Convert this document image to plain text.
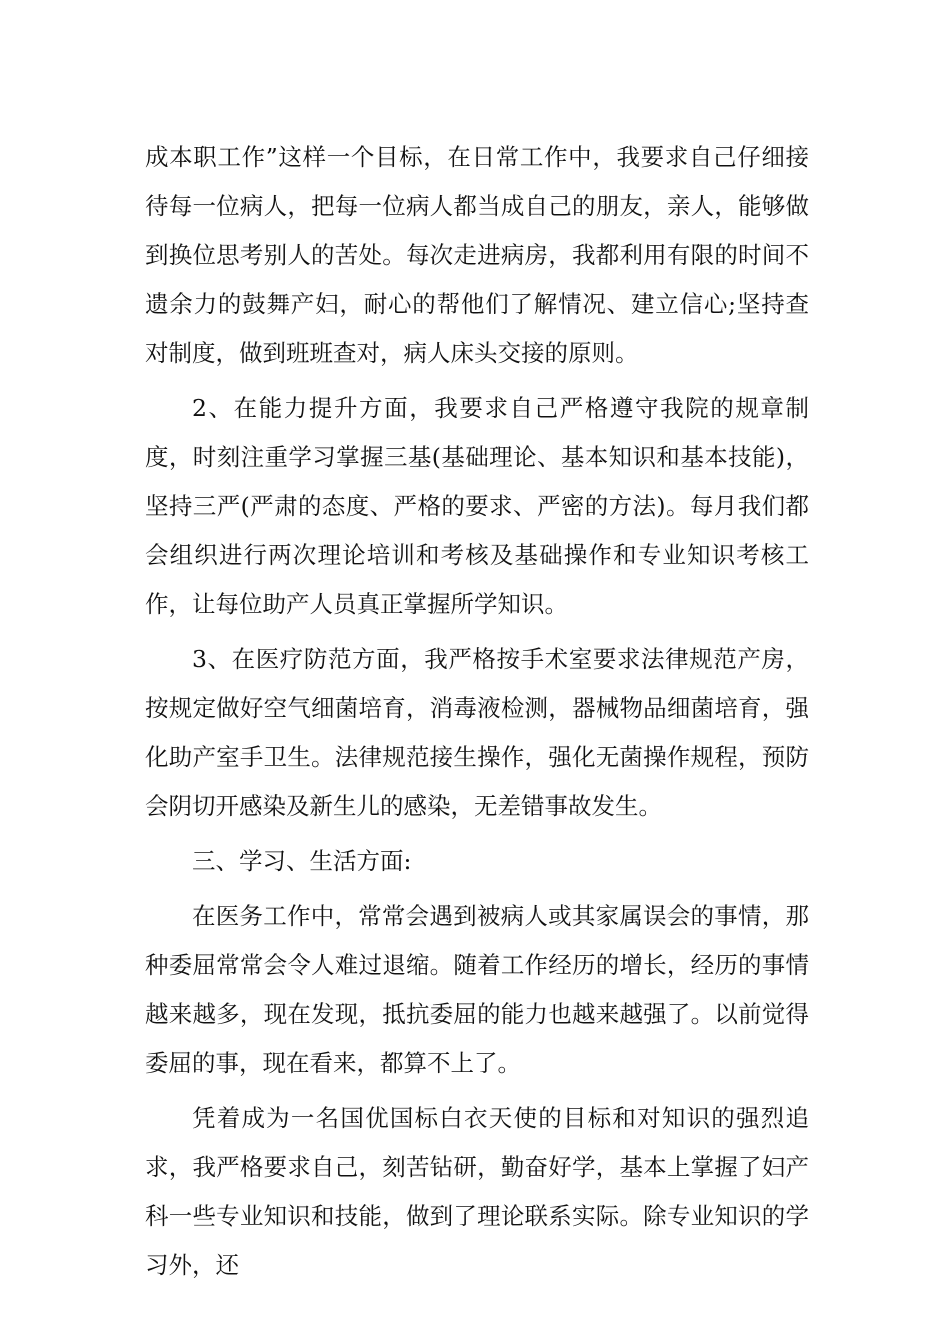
成本职工作”这样一个目标，在日常工作中，我要求自己仔细接待每一位病人，把每一位病人都当成自己的朋友，亲人，能够做到换位思考别人的苦处。每次走进病房，我都利用有限的时间不遗余力的鼓舞产妇，耐心的帮他们了解情况、建立信心;坚持查对制度，做到班班查对，病人床头交接的原则。

2、在能力提升方面，我要求自己严格遵守我院的规章制度，时刻注重学习掌握三基(基础理论、基本知识和基本技能)，坚持三严(严肃的态度、严格的要求、严密的方法)。每月我们都会组织进行两次理论培训和考核及基础操作和专业知识考核工作，让每位助产人员真正掌握所学知识。

3、在医疗防范方面，我严格按手术室要求法律规范产房，按规定做好空气细菌培育，消毒液检测，器械物品细菌培育，强化助产室手卫生。法律规范接生操作，强化无菌操作规程，预防会阴切开感染及新生儿的感染，无差错事故发生。

三、学习、生活方面:

在医务工作中，常常会遇到被病人或其家属误会的事情，那种委屈常常会令人难过退缩。随着工作经历的增长，经历的事情越来越多，现在发现，抵抗委屈的能力也越来越强了。以前觉得委屈的事，现在看来，都算不上了。

凭着成为一名国优国标白衣天使的目标和对知识的强烈追求，我严格要求自己，刻苦钻研，勤奋好学，基本上掌握了妇产科一些专业知识和技能，做到了理论联系实际。除专业知识的学习外，还
